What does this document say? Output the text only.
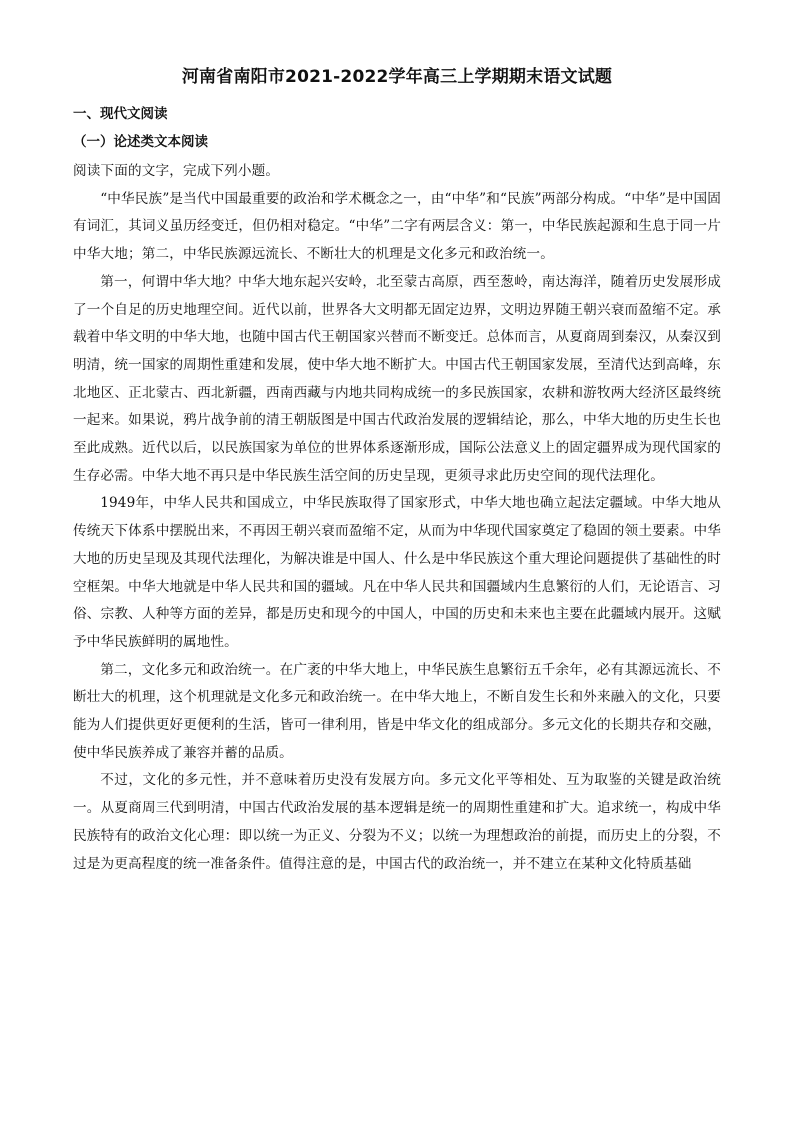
河南省南阳市2021-2022学年高三上学期期末语文试题
一、现代文阅读
（一）论述类文本阅读

阅读下面的文字，完成下列小题。

“中华民族”是当代中国最重要的政治和学术概念之一，由“中华”和“民族”两部分构成。“中华”是中国固有词汇，其词义虽历经变迁，但仍相对稳定。“中华”二字有两层含义：第一，中华民族起源和生息于同一片中华大地；第二，中华民族源远流长、不断壮大的机理是文化多元和政治统一。

第一，何谓中华大地？中华大地东起兴安岭，北至蒙古高原，西至葱岭，南达海洋，随着历史发展形成了一个自足的历史地理空间。近代以前，世界各大文明都无固定边界，文明边界随王朝兴衰而盈缩不定。承载着中华文明的中华大地，也随中国古代王朝国家兴替而不断变迁。总体而言，从夏商周到秦汉，从秦汉到明清，统一国家的周期性重建和发展，使中华大地不断扩大。中国古代王朝国家发展，至清代达到高峰，东北地区、正北蒙古、西北新疆，西南西藏与内地共同构成统一的多民族国家，农耕和游牧两大经济区最终统一起来。如果说，鸦片战争前的清王朝版图是中国古代政治发展的逻辑结论，那么，中华大地的历史生长也至此成熟。近代以后，以民族国家为单位的世界体系逐渐形成，国际公法意义上的固定疆界成为现代国家的生存必需。中华大地不再只是中华民族生活空间的历史呈现，更须寻求此历史空间的现代法理化。

1949年，中华人民共和国成立，中华民族取得了国家形式，中华大地也确立起法定疆域。中华大地从传统天下体系中摆脱出来，不再因王朝兴衰而盈缩不定，从而为中华现代国家奠定了稳固的领土要素。中华大地的历史呈现及其现代法理化，为解决谁是中国人、什么是中华民族这个重大理论问题提供了基础性的时空框架。中华大地就是中华人民共和国的疆域。凡在中华人民共和国疆域内生息繁衍的人们，无论语言、习俗、宗教、人种等方面的差异，都是历史和现今的中国人，中国的历史和未来也主要在此疆域内展开。这赋予中华民族鲜明的属地性。

第二，文化多元和政治统一。在广袤的中华大地上，中华民族生息繁衍五千余年，必有其源远流长、不断壮大的机理，这个机理就是文化多元和政治统一。在中华大地上，不断自发生长和外来融入的文化，只要能为人们提供更好更便利的生活，皆可一律利用，皆是中华文化的组成部分。多元文化的长期共存和交融，使中华民族养成了兼容并蓄的品质。

不过，文化的多元性，并不意味着历史没有发展方向。多元文化平等相处、互为取鉴的关键是政治统一。从夏商周三代到明清，中国古代政治发展的基本逻辑是统一的周期性重建和扩大。追求统一，构成中华民族特有的政治文化心理：即以统一为正义、分裂为不义；以统一为理想政治的前提，而历史上的分裂，不过是为更高程度的统一准备条件。值得注意的是，中国古代的政治统一，并不建立在某种文化特质基础
